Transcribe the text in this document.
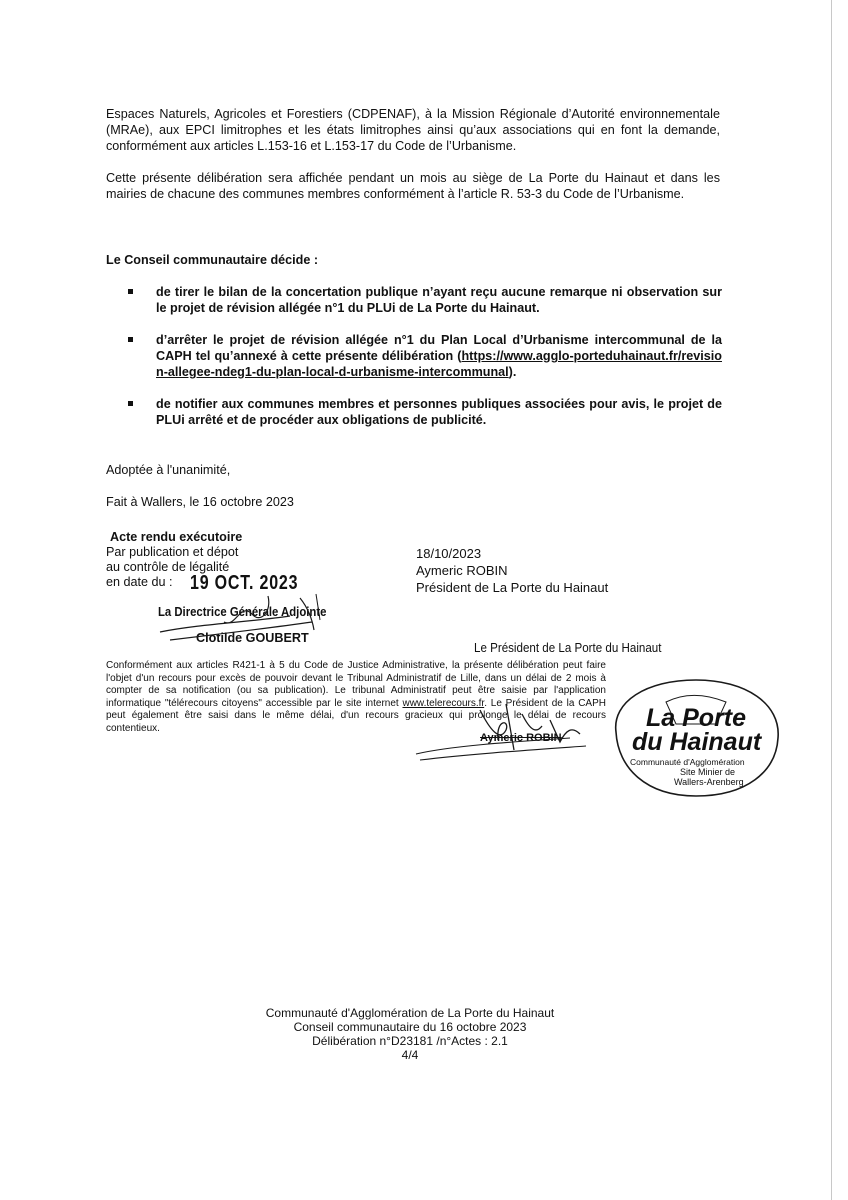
Espaces Naturels, Agricoles et Forestiers (CDPENAF), à la Mission Régionale d’Autorité environnementale (MRAe), aux EPCI limitrophes et les états limitrophes ainsi qu’aux associations qui en font la demande, conformément aux articles L.153-16 et L.153-17 du Code de l’Urbanisme.
Cette présente délibération sera affichée pendant un mois au siège de La Porte du Hainaut et dans les mairies de chacune des communes membres conformément à l’article R. 53-3 du Code de l’Urbanisme.
Le Conseil communautaire décide :
de tirer le bilan de la concertation publique n’ayant reçu aucune remarque ni observation sur le projet de révision allégée n°1 du PLUi de La Porte du Hainaut.
d’arrêter le projet de révision allégée n°1 du Plan Local d’Urbanisme intercommunal de la CAPH tel qu’annexé à cette présente délibération (https://www.agglo-porteduhainaut.fr/revision-allegee-ndeg1-du-plan-local-d-urbanisme-intercommunal).
de notifier aux communes membres et personnes publiques associées pour avis, le projet de PLUi arrêté et de procéder aux obligations de publicité.
Adoptée à l'unanimité,
Fait à Wallers, le 16 octobre 2023
Acte rendu exécutoire
Par publication et dépot
au contrôle de légalité
en date du : 19 OCT. 2023
La Directrice Générale Adjointe
Clotilde GOUBERT
18/10/2023
Aymeric ROBIN
Président de La Porte du Hainaut
Le Président de La Porte du Hainaut
Conformément aux articles R421-1 à 5 du Code de Justice Administrative, la présente délibération peut faire l'objet d'un recours pour excès de pouvoir devant le Tribunal Administratif de Lille, dans un délai de 2 mois à compter de sa notification (ou sa publication). Le tribunal Administratif peut être saisie par l'application informatique "télérecours citoyens" accessible par le site internet www.telerecours.fr. Le Président de la CAPH peut également être saisi dans le même délai, d'un recours gracieux qui prolonge le délai de recours contentieux.
Aymeric ROBIN
La Porte
du Hainaut
Communauté d'Agglomération
Site Minier de
Wallers-Arenberg
Communauté d'Agglomération de La Porte du Hainaut
Conseil communautaire du 16 octobre 2023
Délibération n°D23181 /n°Actes : 2.1
4/4
